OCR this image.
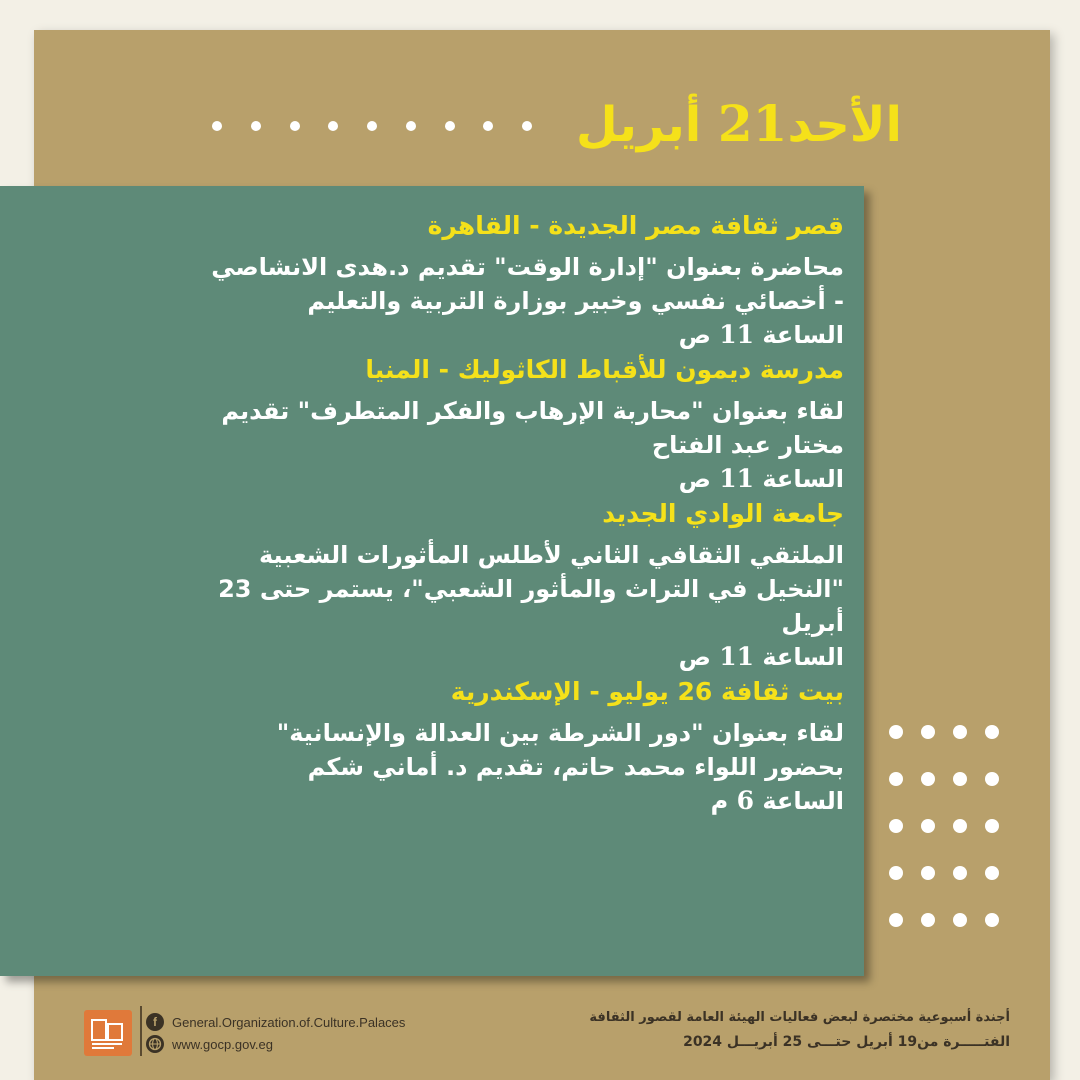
الأحد21 أبريل

قصر ثقافة مصر الجديدة - القاهرة

محاضرة بعنوان "إدارة الوقت" تقديم د.هدى الانشاصي

- أخصائي نفسي وخبير بوزارة التربية والتعليم

الساعة 11 ص

مدرسة ديمون للأقباط الكاثوليك - المنيا

لقاء بعنوان "محاربة الإرهاب والفكر المتطرف" تقديم

مختار عبد الفتاح

الساعة 11 ص

جامعة الوادي الجديد

الملتقي الثقافي الثاني لأطلس المأثورات الشعبية

"النخيل في التراث والمأثور الشعبي"، يستمر حتى 23

أبريل

الساعة 11 ص

بيت ثقافة 26 يوليو - الإسكندرية

لقاء بعنوان "دور الشرطة بين العدالة والإنسانية"

بحضور اللواء محمد حاتم، تقديم د. أماني شكم

الساعة 6 م

f	General.Organization.of.Culture.Palaces
www.gocp.gov.eg
أجندة أسبوعية مختصرة لبعض فعاليات الهيئة العامة لقصور الثقافة
الفتـــــرة من19 أبريل حتـــى 25 أبريـــل 2024
